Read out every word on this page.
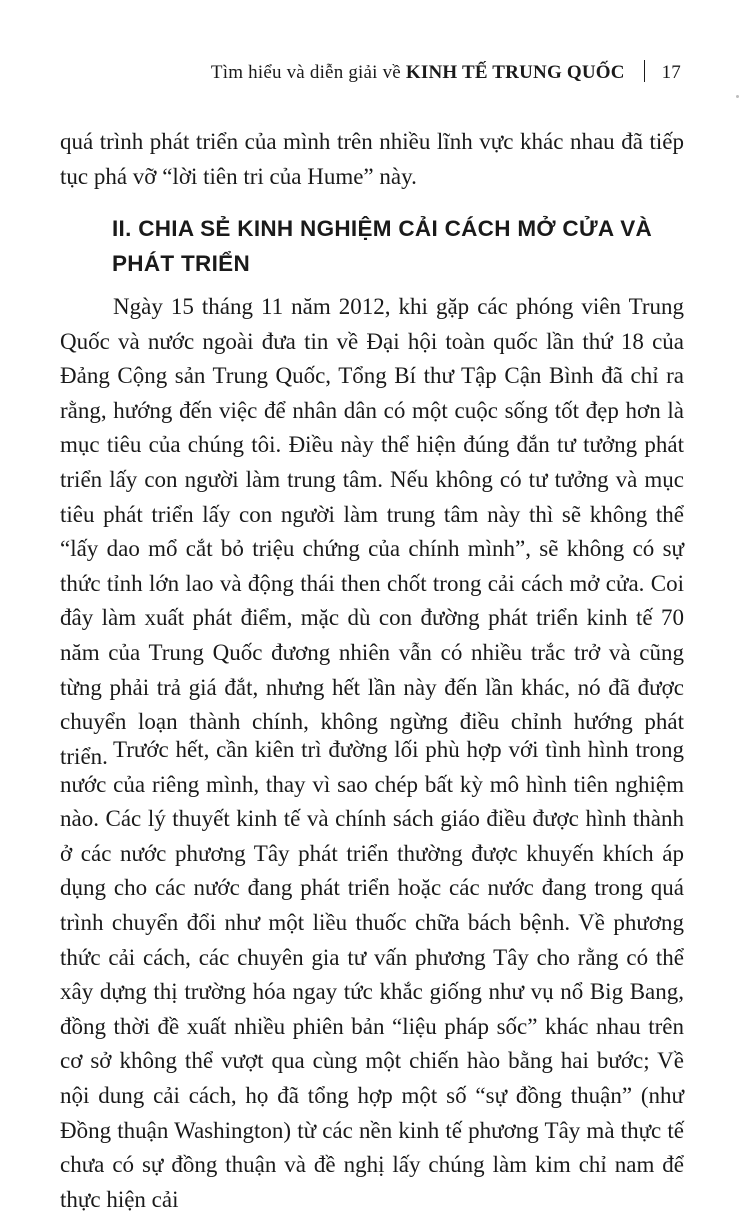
Tìm hiểu và diễn giải về KINH TẾ TRUNG QUỐC 17

quá trình phát triển của mình trên nhiều lĩnh vực khác nhau đã tiếp tục phá vỡ “lời tiên tri của Hume” này.

II. CHIA SẺ KINH NGHIỆM CẢI CÁCH MỞ CỬA VÀ PHÁT TRIỂN

Ngày 15 tháng 11 năm 2012, khi gặp các phóng viên Trung Quốc và nước ngoài đưa tin về Đại hội toàn quốc lần thứ 18 của Đảng Cộng sản Trung Quốc, Tổng Bí thư Tập Cận Bình đã chỉ ra rằng, hướng đến việc để nhân dân có một cuộc sống tốt đẹp hơn là mục tiêu của chúng tôi. Điều này thể hiện đúng đắn tư tưởng phát triển lấy con người làm trung tâm. Nếu không có tư tưởng và mục tiêu phát triển lấy con người làm trung tâm này thì sẽ không thể “lấy dao mổ cắt bỏ triệu chứng của chính mình”, sẽ không có sự thức tỉnh lớn lao và động thái then chốt trong cải cách mở cửa. Coi đây làm xuất phát điểm, mặc dù con đường phát triển kinh tế 70 năm của Trung Quốc đương nhiên vẫn có nhiều trắc trở và cũng từng phải trả giá đắt, nhưng hết lần này đến lần khác, nó đã được chuyển loạn thành chính, không ngừng điều chỉnh hướng phát triển. Trước hết, cần kiên trì đường lối phù hợp với tình hình trong nước của riêng mình, thay vì sao chép bất kỳ mô hình tiên nghiệm nào. Các lý thuyết kinh tế và chính sách giáo điều được hình thành ở các nước phương Tây phát triển thường được khuyến khích áp dụng cho các nước đang phát triển hoặc các nước đang trong quá trình chuyển đổi như một liều thuốc chữa bách bệnh. Về phương thức cải cách, các chuyên gia tư vấn phương Tây cho rằng có thể xây dựng thị trường hóa ngay tức khắc giống như vụ nổ Big Bang, đồng thời đề xuất nhiều phiên bản “liệu pháp sốc” khác nhau trên cơ sở không thể vượt qua cùng một chiến hào bằng hai bước; Về nội dung cải cách, họ đã tổng hợp một số “sự đồng thuận” (như Đồng thuận Washington) từ các nền kinh tế phương Tây mà thực tế chưa có sự đồng thuận và đề nghị lấy chúng làm kim chỉ nam để thực hiện cải
